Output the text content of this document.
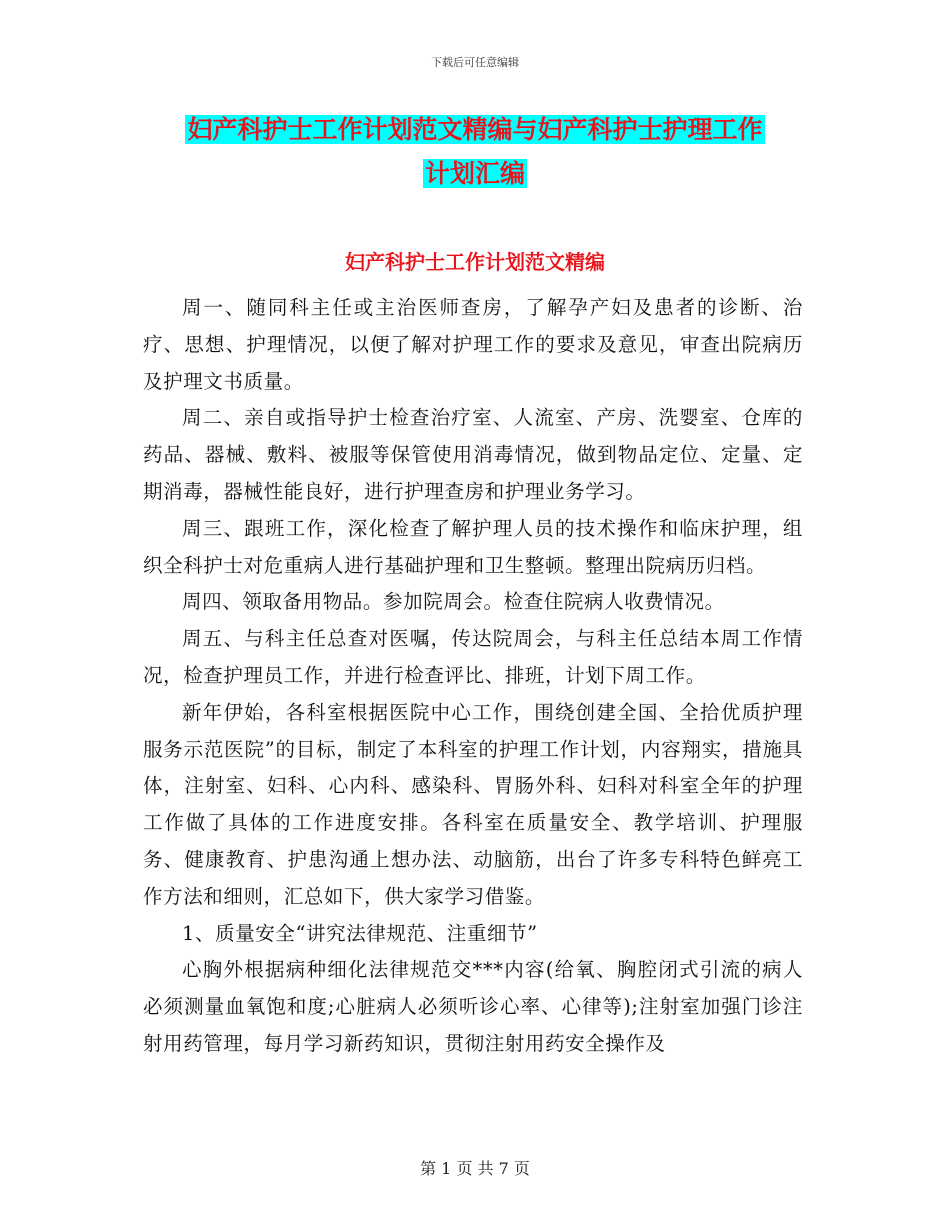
下载后可任意编辑
妇产科护士工作计划范文精编与妇产科护士护理工作
计划汇编
妇产科护士工作计划范文精编

周一、随同科主任或主治医师查房，了解孕产妇及患者的诊断、治疗、思想、护理情况，以便了解对护理工作的要求及意见，审查出院病历及护理文书质量。

周二、亲自或指导护士检查治疗室、人流室、产房、洗婴室、仓库的药品、器械、敷料、被服等保管使用消毒情况，做到物品定位、定量、定期消毒，器械性能良好，进行护理查房和护理业务学习。

周三、跟班工作，深化检查了解护理人员的技术操作和临床护理，组织全科护士对危重病人进行基础护理和卫生整顿。整理出院病历归档。

周四、领取备用物品。参加院周会。检查住院病人收费情况。

周五、与科主任总查对医嘱，传达院周会，与科主任总结本周工作情况，检查护理员工作，并进行检查评比、排班，计划下周工作。

新年伊始，各科室根据医院中心工作，围绕创建全国、全拾优质护理服务示范医院”的目标，制定了本科室的护理工作计划，内容翔实，措施具体，注射室、妇科、心内科、感染科、胃肠外科、妇科对科室全年的护理工作做了具体的工作进度安排。各科室在质量安全、教学培训、护理服务、健康教育、护患沟通上想办法、动脑筋，出台了许多专科特色鲜亮工作方法和细则，汇总如下，供大家学习借鉴。

1、质量安全“讲究法律规范、注重细节”

心胸外根据病种细化法律规范交***内容(给氧、胸腔闭式引流的病人必须测量血氧饱和度;心脏病人必须听诊心率、心律等);注射室加强门诊注射用药管理，每月学习新药知识，贯彻注射用药安全操作及

第 1 页 共 7 页
